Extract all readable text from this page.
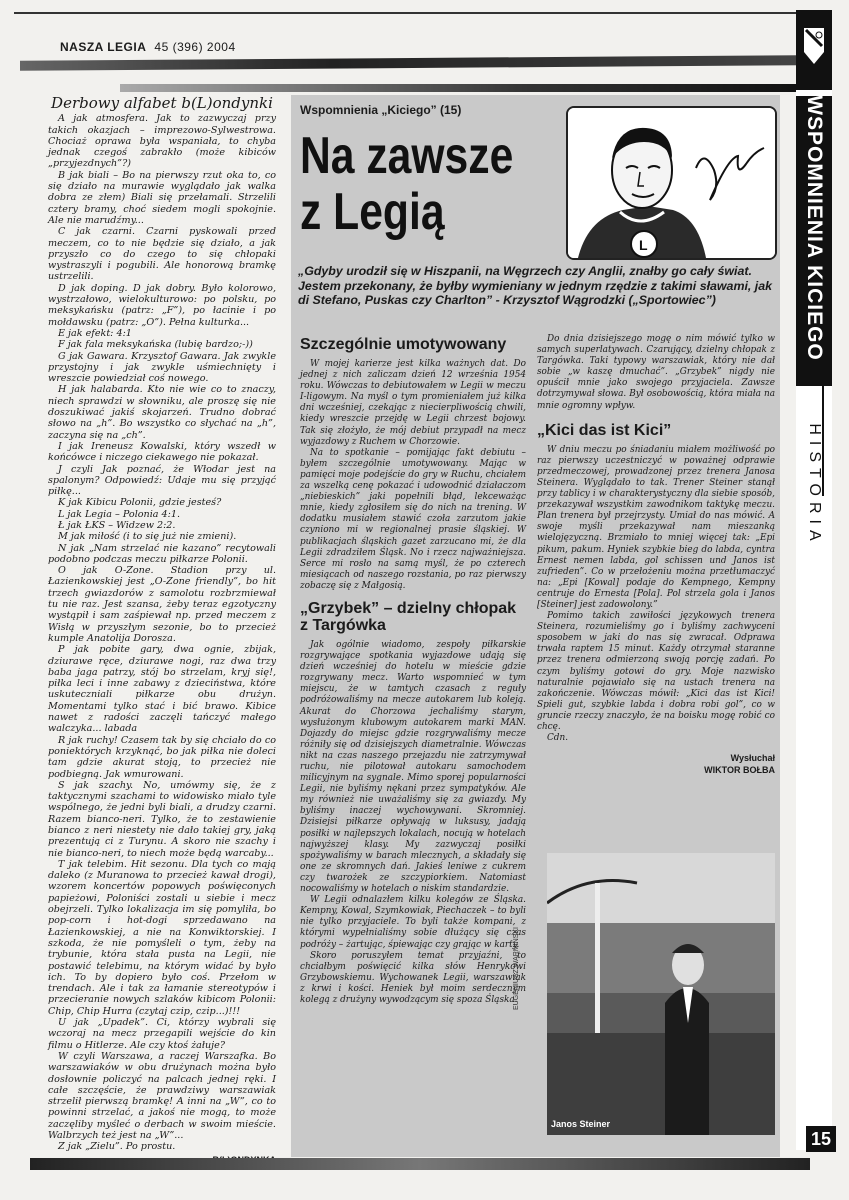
NASZA LEGIA 45 (396) 2004
WSPOMNIENIA KICIEGO
HISTORIA
Derbowy alfabet b(L)ondynki

A jak atmosfera. Jak to zazwyczaj przy takich okazjach – imprezowo-Sylwestrowa. Chociaż oprawa była wspaniała, to chyba jednak czegoś zabrakło (może kibiców „przyjezdnych”?)

B jak biali – Bo na pierwszy rzut oka to, co się działo na murawie wyglądało jak walka dobra ze złem) Biali się przełamali. Strzelili cztery bramy, choć siedem mogli spokojnie. Ale nie marudźmy...

C jak czarni. Czarni pyskowali przed meczem, co to nie będzie się działo, a jak przyszło co do czego to się chłopaki wystraszyli i pogubili. Ale honorową bramkę ustrzelili.

D jak doping. D jak dobry. Było kolorowo, wystrzałowo, wielokulturowo: po polsku, po meksykańsku (patrz: „F”), po łacinie i po mołdawsku (patrz: „O”). Pełna kulturka...

E jak efekt: 4:1

F jak fala meksykańska (lubię bardzo;-))

G jak Gawara. Krzysztof Gawara. Jak zwykle przystojny i jak zwykle uśmiechnięty i wreszcie powiedział coś nowego.

H jak halabarda. Kto nie wie co to znaczy, niech sprawdzi w słowniku, ale proszę się nie doszukiwać jakiś skojarzeń. Trudno dobrać słowo na „h”. Bo wszystko co słychać na „h”, zaczyna się na „ch”.

I jak Ireneusz Kowalski, który wszedł w końcówce i niczego ciekawego nie pokazał.

J czyli Jak poznać, że Włodar jest na spalonym? Odpowiedź: Udaje mu się przyjąć piłkę...

K jak Kibicu Polonii, gdzie jesteś?

L jak Legia – Polonia 4:1.

Ł jak ŁKS – Widzew 2:2.

M jak miłość (i to się już nie zmieni).

N jak „Nam strzelać nie kazano” recytowali podobno podczas meczu piłkarze Polonii.

O jak O-Zone. Stadion przy ul. Łazienkowskiej jest „O-Zone friendly”, bo hit trzech gwiazdorów z samolotu rozbrzmiewał tu nie raz. Jest szansa, żeby teraz egzotyczny wystąpił i sam zaśpiewał np. przed meczem z Wisłą w przyszłym sezonie, bo to przecież kumple Anatolija Dorosza.

P jak pobite gary, dwa ognie, zbijak, dziurawe ręce, dziurawe nogi, raz dwa trzy baba jaga patrzy, stój bo strzelam, kryj się!, piłka leci i inne zabawy z dzieciństwa, które uskuteczniali piłkarze obu drużyn. Momentami tylko stać i bić brawo. Kibice nawet z radości zaczęli tańczyć małego walczyka... labada

R jak ruchy! Czasem tak by się chciało do co poniektórych krzyknąć, bo jak piłka nie doleci tam gdzie akurat stoją, to przecież nie podbiegną. Jak wmurowani.

S jak szachy. No, umówmy się, że z taktycznymi szachami to widowisko miało tyle wspólnego, że jedni byli biali, a drudzy czarni. Razem bianco-neri. Tylko, że to zestawienie bianco z neri niestety nie dało takiej gry, jaką prezentują ci z Turynu. A skoro nie szachy i nie bianco-neri, to niech może będą warcaby...

T jak telebim. Hit sezonu. Dla tych co mają daleko (z Muranowa to przecież kawał drogi), wzorem koncertów popowych poświęconych papieżowi, Poloniści zostali u siebie i mecz obejrzeli. Tylko lokalizacja im się pomyliła, bo pop-corn i hot-dogi sprzedawano na Łazienkowskiej, a nie na Konwiktorskiej. I szkoda, że nie pomyśleli o tym, żeby na trybunie, która stała pusta na Legii, nie postawić telebimu, na którym widać by było ich. To by dopiero było coś. Przełom w trendach. Ale i tak za łamanie stereotypów i przecieranie nowych szlaków kibicom Polonii: Chip, Chip Hurra (czytaj czip, czip...)!!!

U jak „Upadek”. Ci, którzy wybrali się wczoraj na mecz przegapili wejście do kin filmu o Hitlerze. Ale czy ktoś żałuje?

W czyli Warszawa, a raczej Warszafka. Bo warszawiaków w obu drużynach można było dosłownie policzyć na palcach jednej ręki. I całe szczęście, że prawdziwy warszawiak strzelił pierwszą bramkę! A inni na „W”, co to powinni strzelać, a jakoś nie mogą, to może zaczęliby myśleć o derbach w swoim mieście. Walbrzych też jest na „W”...

Z jak „Zielu”. Po prostu.

Wspomnienia „Kiciego” (15)
Na zawsze
z Legią
L
„Gdyby urodził się w Hiszpanii, na Węgrzech czy Anglii, znałby go cały świat. Jestem przekonany, że byłby wymieniany w jednym rzędzie z takimi sławami, jak di Stefano, Puskas czy Charlton” - Krzysztof Wągrodzki („Sportowiec”)
Szczególnie umotywowany

W mojej karierze jest kilka ważnych dat. Do jednej z nich zaliczam dzień 12 września 1954 roku. Wówczas to debiutowałem w Legii w meczu I-ligowym. Na myśl o tym promieniałem już kilka dni wcześniej, czekając z niecierpliwością chwili, kiedy wreszcie przejdę w Legii chrzest bojowy. Tak się złożyło, że mój debiut przypadł na mecz wyjazdowy z Ruchem w Chorzowie.

Na to spotkanie – pomijając fakt debiutu – byłem szczególnie umotywowany. Mając w pamięci moje podejście do gry w Ruchu, chciałem za wszelką cenę pokazać i udowodnić działaczom „niebieskich” jaki popełnili błąd, lekceważąc mnie, kiedy zgłosiłem się do nich na trening. W dodatku musiałem stawić czoła zarzutom jakie czyniono mi w regionalnej prasie śląskiej. W publikacjach śląskich gazet zarzucano mi, że dla Legii zdradziłem Śląsk. No i rzecz najważniejsza. Serce mi rosło na samą myśl, że po czterech miesiącach od naszego rozstania, po raz pierwszy zobaczę się z Małgosią.

„Grzybek” – dzielny chłopak z Targówka

Jak ogólnie wiadomo, zespoły piłkarskie rozgrywające spotkania wyjazdowe udają się dzień wcześniej do hotelu w mieście gdzie rozgrywany mecz. Warto wspomnieć w tym miejscu, że w tamtych czasach z reguły podróżowaliśmy na mecze autokarem lub koleją. Akurat do Chorzowa jechaliśmy starym, wysłużonym klubowym autokarem marki MAN. Dojazdy do miejsc gdzie rozgrywaliśmy mecze różniły się od dzisiejszych diametralnie. Wówczas nikt na czas naszego przejazdu nie zatrzymywał ruchu, nie pilotował autokaru samochodem milicyjnym na sygnale. Mimo sporej popularności Legii, nie byliśmy nękani przez sympatyków. Ale my również nie uważaliśmy się za gwiazdy. My byliśmy inaczej wychowywani. Skromniej. Dzisiejsi piłkarze opływają w luksusy, jadają posiłki w najlepszych lokalach, nocują w hotelach najwyższej klasy. My zazwyczaj posiłki spożywaliśmy w barach mlecznych, a składały się one ze skromnych dań. Jakieś leniwe z cukrem czy twarożek ze szczypiorkiem. Natomiast nocowaliśmy w hotelach o niskim standardzie.

W Legii odnalazłem kilku kolegów ze Śląska. Kempny, Kowal, Szymkowiak, Piechaczek – to byli nie tylko przyjaciele. To byli także kompani, z którymi wypełnialiśmy sobie dłużący się czas podróży – żartując, śpiewając czy grając w karty.

Skoro poruszyłem temat przyjaźni, to chciałbym poświęcić kilka słów Henrykowi Grzybowskiemu. Wychowanek Legii, warszawiak z krwi i kości. Heniek był moim serdecznym kolegą z drużyny wywodzącym się spoza Śląska.

Do dnia dzisiejszego mogę o nim mówić tylko w samych superlatywach. Czarujący, dzielny chłopak z Targówka. Taki typowy warszawiak, który nie dał sobie „w kaszę dmuchać”. „Grzybek” nigdy nie opuścił mnie jako swojego przyjaciela. Zawsze dotrzymywał słowa. Był osobowością, która miała na mnie ogromny wpływ.

„Kici das ist Kici”

W dniu meczu po śniadaniu miałem możliwość po raz pierwszy uczestniczyć w poważnej odprawie przedmeczowej, prowadzonej przez trenera Janosa Steinera. Wyglądało to tak. Trener Steiner stanął przy tablicy i w charakterystyczny dla siebie sposób, przekazywał wszystkim zawodnikom taktykę meczu. Plan trenera był przejrzysty. Umiał do nas mówić. A swoje myśli przekazywał nam mieszanką wielojęzyczną. Brzmiało to mniej więcej tak: „Epi pikum, pakum. Hyniek szybkie bieg do labda, cyntra Ernest nemen labda, gol schissen und Janos ist zufrieden”. Co w przełożeniu można przetłumaczyć na: „Epi [Kowal] podaje do Kempnego, Kempny centruje do Ernesta [Pola]. Pol strzela gola i Janos [Steiner] jest zadowolony.”

Pomimo takich zawiłości językowych trenera Steinera, rozumieliśmy go i byliśmy zachwyceni sposobem w jaki do nas się zwracał. Odprawa trwała raptem 15 minut. Każdy otrzymał staranne przez trenera odmierzoną swoją porcję zadań. Po czym byliśmy gotowi do gry. Moje nazwisko naturalnie pojawiało się na ustach trenera na zakończenie. Wówczas mówił: „Kici das ist Kici! Spieli gut, szybkie labda i dobra robi gol”, co w gruncie rzeczy znaczyło, że na boisku mogę robić co chcę.

Cdn.

Wysłuchał
WIKTOR BOŁBA
EUGENIUSZ WARMIŃSKI
Janos Steiner
15
